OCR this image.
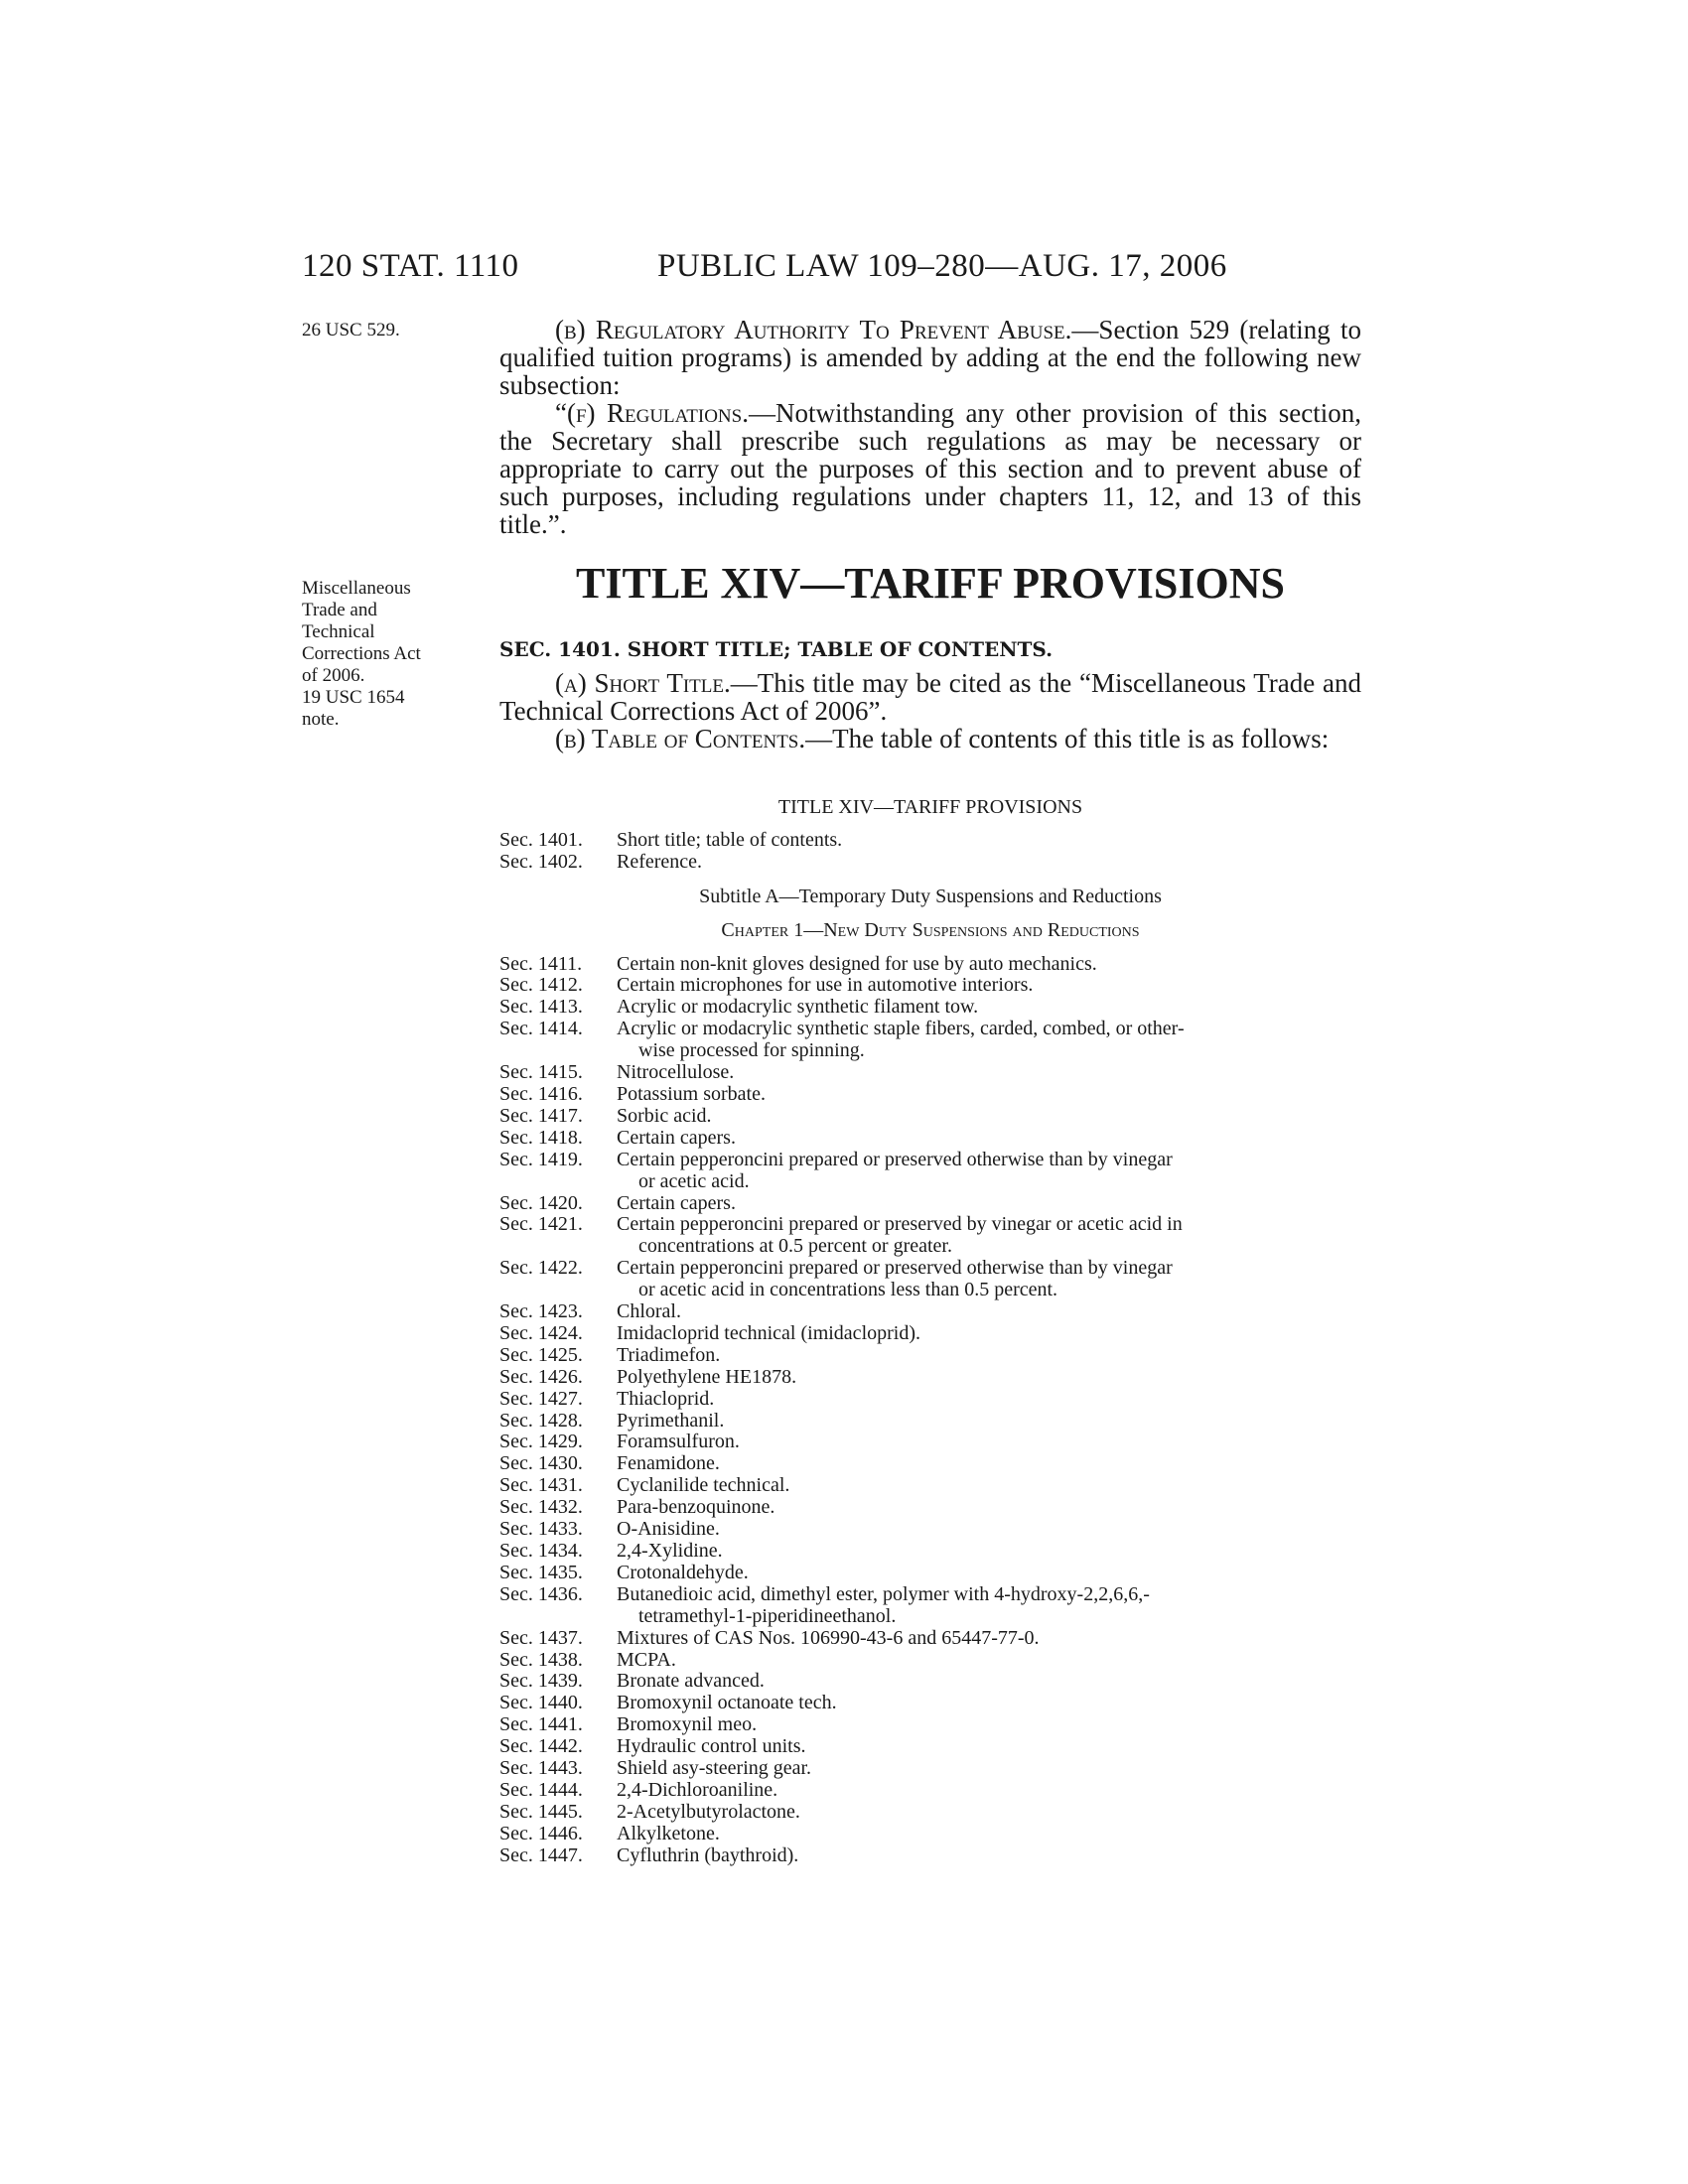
120 STAT. 1110	PUBLIC LAW 109–280—AUG. 17, 2006
26 USC 529.	(b) Regulatory Authority To Prevent Abuse.—Section 529 (relating to qualified tuition programs) is amended by adding at the end the following new subsection:

“(f) Regulations.—Notwithstanding any other provision of this section, the Secretary shall prescribe such regulations as may be necessary or appropriate to carry out the purposes of this section and to prevent abuse of such purposes, including regulations under chapters 11, 12, and 13 of this title.”.

TITLE XIV—TARIFF PROVISIONS
Miscellaneous
Trade and
Technical
Corrections Act
of 2006.
19 USC 1654
note.
SEC. 1401. SHORT TITLE; TABLE OF CONTENTS.

(a) Short Title.—This title may be cited as the “Miscellaneous Trade and Technical Corrections Act of 2006”.

(b) Table of Contents.—The table of contents of this title is as follows:

TITLE XIV—TARIFF PROVISIONS
Sec. 1401.	Short title; table of contents.
Sec. 1402.	Reference.
Subtitle A—Temporary Duty Suspensions and Reductions
Chapter 1—New Duty Suspensions and Reductions
Sec. 1411.	Certain non-knit gloves designed for use by auto mechanics.
Sec. 1412.	Certain microphones for use in automotive interiors.
Sec. 1413.	Acrylic or modacrylic synthetic filament tow.
Sec. 1414.	Acrylic or modacrylic synthetic staple fibers, carded, combed, or other-
wise processed for spinning.
Sec. 1415.	Nitrocellulose.
Sec. 1416.	Potassium sorbate.
Sec. 1417.	Sorbic acid.
Sec. 1418.	Certain capers.
Sec. 1419.	Certain pepperoncini prepared or preserved otherwise than by vinegar
or acetic acid.
Sec. 1420.	Certain capers.
Sec. 1421.	Certain pepperoncini prepared or preserved by vinegar or acetic acid in
concentrations at 0.5 percent or greater.
Sec. 1422.	Certain pepperoncini prepared or preserved otherwise than by vinegar
or acetic acid in concentrations less than 0.5 percent.
Sec. 1423.	Chloral.
Sec. 1424.	Imidacloprid technical (imidacloprid).
Sec. 1425.	Triadimefon.
Sec. 1426.	Polyethylene HE1878.
Sec. 1427.	Thiacloprid.
Sec. 1428.	Pyrimethanil.
Sec. 1429.	Foramsulfuron.
Sec. 1430.	Fenamidone.
Sec. 1431.	Cyclanilide technical.
Sec. 1432.	Para-benzoquinone.
Sec. 1433.	O-Anisidine.
Sec. 1434.	2,4-Xylidine.
Sec. 1435.	Crotonaldehyde.
Sec. 1436.	Butanedioic acid, dimethyl ester, polymer with 4-hydroxy-2,2,6,6,-
tetramethyl-1-piperidineethanol.
Sec. 1437.	Mixtures of CAS Nos. 106990-43-6 and 65447-77-0.
Sec. 1438.	MCPA.
Sec. 1439.	Bronate advanced.
Sec. 1440.	Bromoxynil octanoate tech.
Sec. 1441.	Bromoxynil meo.
Sec. 1442.	Hydraulic control units.
Sec. 1443.	Shield asy-steering gear.
Sec. 1444.	2,4-Dichloroaniline.
Sec. 1445.	2-Acetylbutyrolactone.
Sec. 1446.	Alkylketone.
Sec. 1447.	Cyfluthrin (baythroid).
